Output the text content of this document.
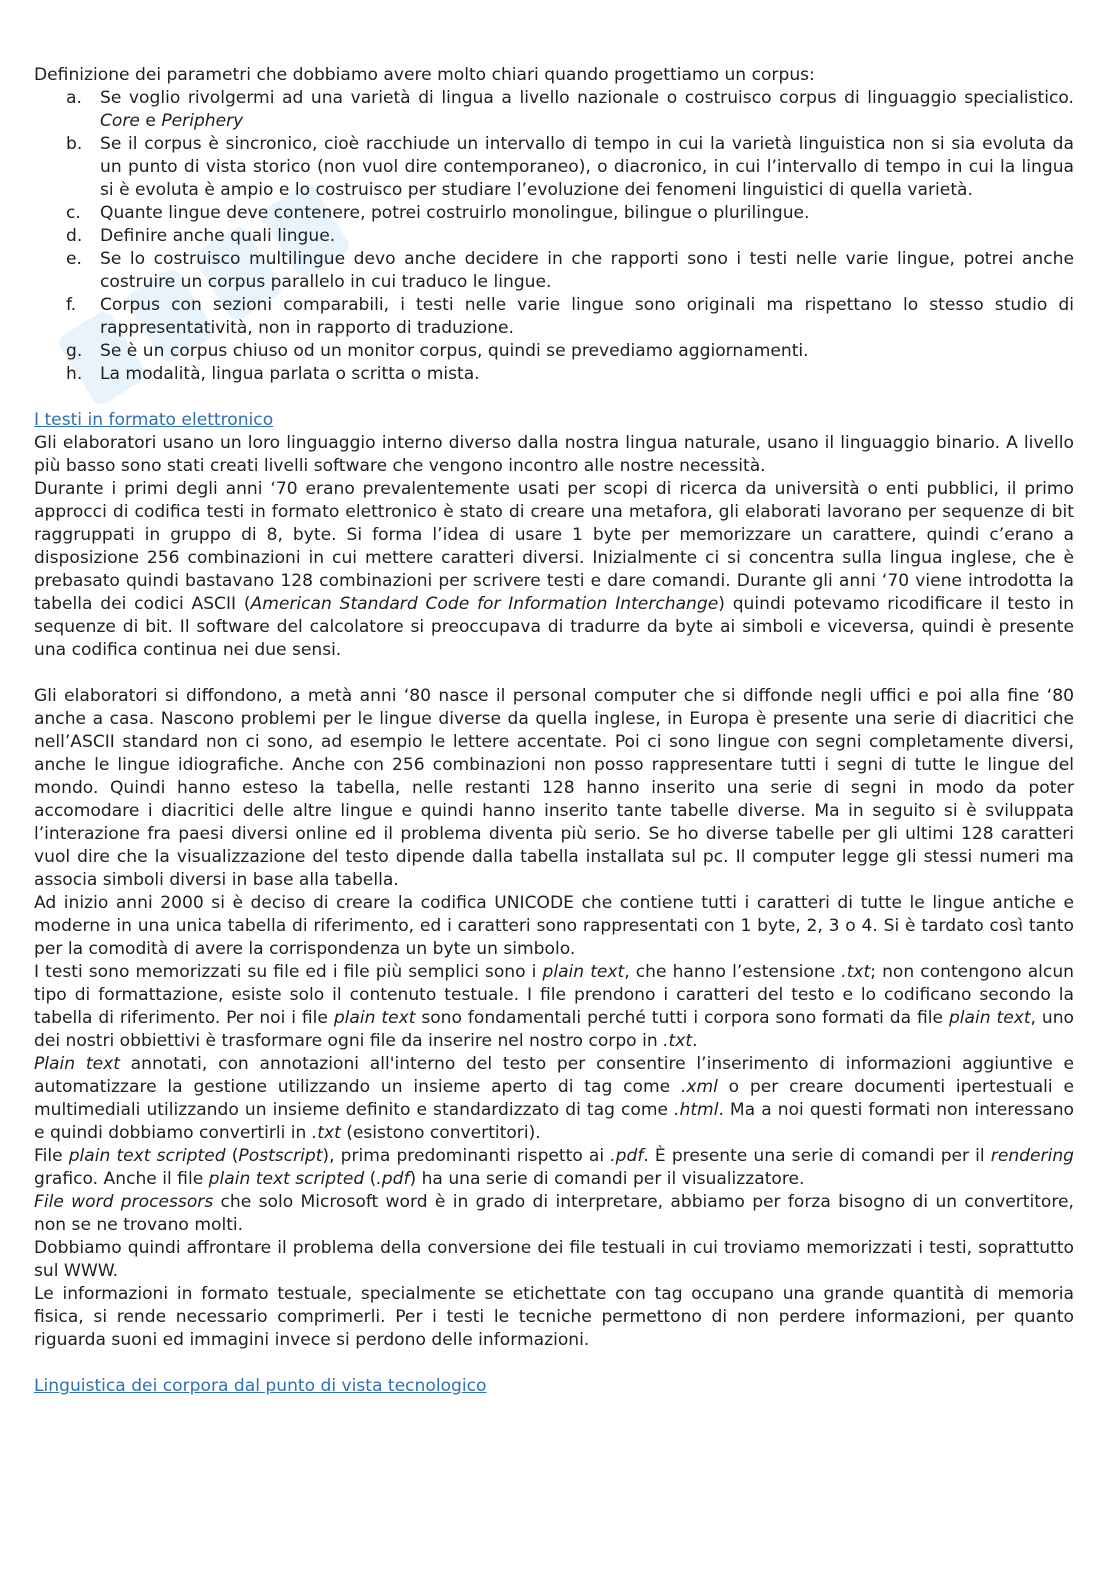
Definizione dei parametri che dobbiamo avere molto chiari quando progettiamo un corpus:

a.	Se voglio rivolgermi ad una varietà di lingua a livello nazionale o costruisco corpus di linguaggio specialistico. Core e Periphery
b.	Se il corpus è sincronico, cioè racchiude un intervallo di tempo in cui la varietà linguistica non si sia evoluta da un punto di vista storico (non vuol dire contemporaneo), o diacronico, in cui l’intervallo di tempo in cui la lingua si è evoluta è ampio e lo costruisco per studiare l’evoluzione dei fenomeni linguistici di quella varietà.
c.	Quante lingue deve contenere, potrei costruirlo monolingue, bilingue o plurilingue.
d.	Definire anche quali lingue.
e.	Se lo costruisco multilingue devo anche decidere in che rapporti sono i testi nelle varie lingue, potrei anche costruire un corpus parallelo in cui traduco le lingue.
f.	Corpus con sezioni comparabili, i testi nelle varie lingue sono originali ma rispettano lo stesso studio di rappresentatività, non in rapporto di traduzione.
g.	Se è un corpus chiuso od un monitor corpus, quindi se prevediamo aggiornamenti.
h.	La modalità, lingua parlata o scritta o mista.
I testi in formato elettronico

Gli elaboratori usano un loro linguaggio interno diverso dalla nostra lingua naturale, usano il linguaggio binario. A livello più basso sono stati creati livelli software che vengono incontro alle nostre necessità.

Durante i primi degli anni ‘70 erano prevalentemente usati per scopi di ricerca da università o enti pubblici, il primo approcci di codifica testi in formato elettronico è stato di creare una metafora, gli elaborati lavorano per sequenze di bit raggruppati in gruppo di 8, byte. Si forma l’idea di usare 1 byte per memorizzare un carattere, quindi c’erano a disposizione 256 combinazioni in cui mettere caratteri diversi. Inizialmente ci si concentra sulla lingua inglese, che è prebasato quindi bastavano 128 combinazioni per scrivere testi e dare comandi. Durante gli anni ‘70 viene introdotta la tabella dei codici ASCII (American Standard Code for Information Interchange) quindi potevamo ricodificare il testo in sequenze di bit. Il software del calcolatore si preoccupava di tradurre da byte ai simboli e viceversa, quindi è presente una codifica continua nei due sensi.

Gli elaboratori si diffondono, a metà anni ‘80 nasce il personal computer che si diffonde negli uffici e poi alla fine ‘80 anche a casa. Nascono problemi per le lingue diverse da quella inglese, in Europa è presente una serie di diacritici che nell’ASCII standard non ci sono, ad esempio le lettere accentate. Poi ci sono lingue con segni completamente diversi, anche le lingue idiografiche. Anche con 256 combinazioni non posso rappresentare tutti i segni di tutte le lingue del mondo. Quindi hanno esteso la tabella, nelle restanti 128 hanno inserito una serie di segni in modo da poter accomodare i diacritici delle altre lingue e quindi hanno inserito tante tabelle diverse. Ma in seguito si è sviluppata l’interazione fra paesi diversi online ed il problema diventa più serio. Se ho diverse tabelle per gli ultimi 128 caratteri vuol dire che la visualizzazione del testo dipende dalla tabella installata sul pc. Il computer legge gli stessi numeri ma associa simboli diversi in base alla tabella.

Ad inizio anni 2000 si è deciso di creare la codifica UNICODE che contiene tutti i caratteri di tutte le lingue antiche e moderne in una unica tabella di riferimento, ed i caratteri sono rappresentati con 1 byte, 2, 3 o 4. Si è tardato così tanto per la comodità di avere la corrispondenza un byte un simbolo.

I testi sono memorizzati su file ed i file più semplici sono i plain text, che hanno l’estensione .txt; non contengono alcun tipo di formattazione, esiste solo il contenuto testuale. I file prendono i caratteri del testo e lo codificano secondo la tabella di riferimento. Per noi i file plain text sono fondamentali perché tutti i corpora sono formati da file plain text, uno dei nostri obbiettivi è trasformare ogni file da inserire nel nostro corpo in .txt.

Plain text annotati, con annotazioni all'interno del testo per consentire l’inserimento di informazioni aggiuntive e automatizzare la gestione utilizzando un insieme aperto di tag come .xml o per creare documenti ipertestuali e multimediali utilizzando un insieme definito e standardizzato di tag come .html. Ma a noi questi formati non interessano e quindi dobbiamo convertirli in .txt (esistono convertitori).

File plain text scripted (Postscript), prima predominanti rispetto ai .pdf. È presente una serie di comandi per il rendering grafico. Anche il file plain text scripted (.pdf) ha una serie di comandi per il visualizzatore.

File word processors che solo Microsoft word è in grado di interpretare, abbiamo per forza bisogno di un convertitore, non se ne trovano molti.

Dobbiamo quindi affrontare il problema della conversione dei file testuali in cui troviamo memorizzati i testi, soprattutto sul WWW.

Le informazioni in formato testuale, specialmente se etichettate con tag occupano una grande quantità di memoria fisica, si rende necessario comprimerli. Per i testi le tecniche permettono di non perdere informazioni, per quanto riguarda suoni ed immagini invece si perdono delle informazioni.

Linguistica dei corpora dal punto di vista tecnologico
